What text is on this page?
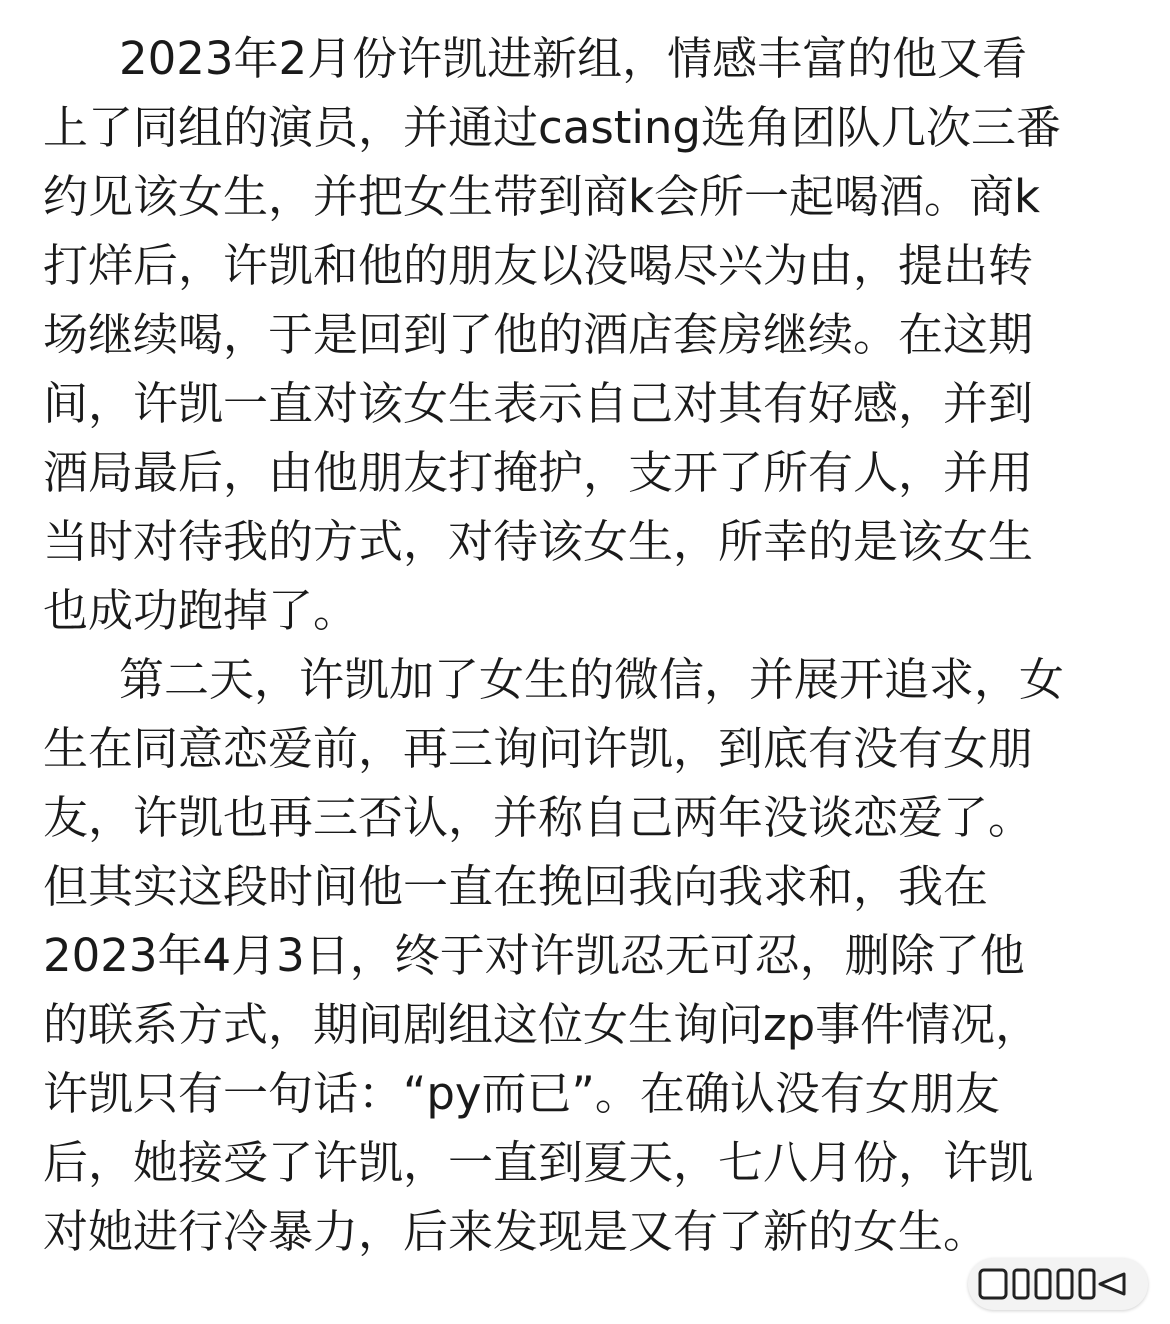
2023年2月份许凯进新组，情感丰富的他又看
上了同组的演员，并通过casting选角团队几次三番
约见该女生，并把女生带到商k会所一起喝酒。商k
打烊后，许凯和他的朋友以没喝尽兴为由，提出转
场继续喝，于是回到了他的酒店套房继续。在这期
间，许凯一直对该女生表示自己对其有好感，并到
酒局最后，由他朋友打掩护，支开了所有人，并用
当时对待我的方式，对待该女生，所幸的是该女生
也成功跑掉了。
第二天，许凯加了女生的微信，并展开追求，女
生在同意恋爱前，再三询问许凯，到底有没有女朋
友，许凯也再三否认，并称自己两年没谈恋爱了。
但其实这段时间他一直在挽回我向我求和，我在
2023年4月3日，终于对许凯忍无可忍，删除了他
的联系方式，期间剧组这位女生询问zp事件情况，
许凯只有一句话：“py而已”。在确认没有女朋友
后，她接受了许凯，一直到夏天，七八月份，许凯
对她进行冷暴力，后来发现是又有了新的女生。
